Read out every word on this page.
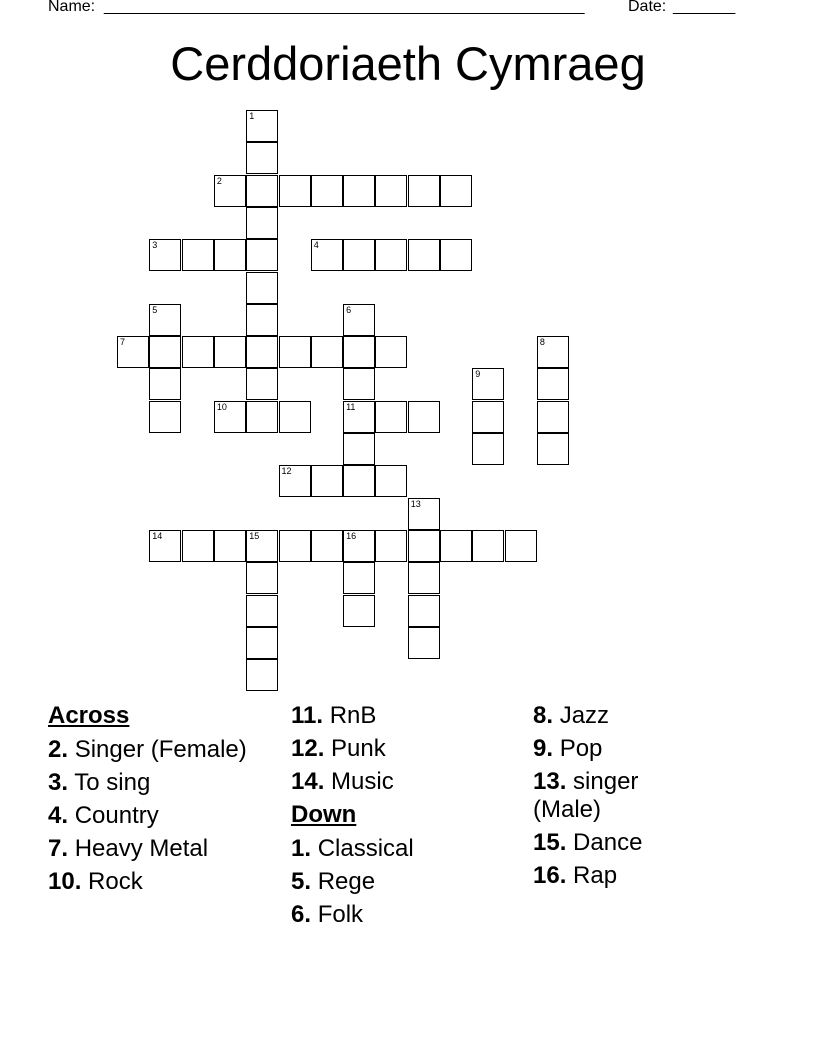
Name: ______________________________________________________	Date: _______
Cerddoriaeth Cymraeg
1
2
3	4
5	6
11
7	8
9
10
12
13
14	15	16
Across
2. Singer (Female)
3. To sing
4. Country
7. Heavy Metal
10. Rock
11. RnB
12. Punk
14. Music
Down
1. Classical
5. Rege
6. Folk
8. Jazz
9. Pop
13. singer (Male)
15. Dance
16. Rap
